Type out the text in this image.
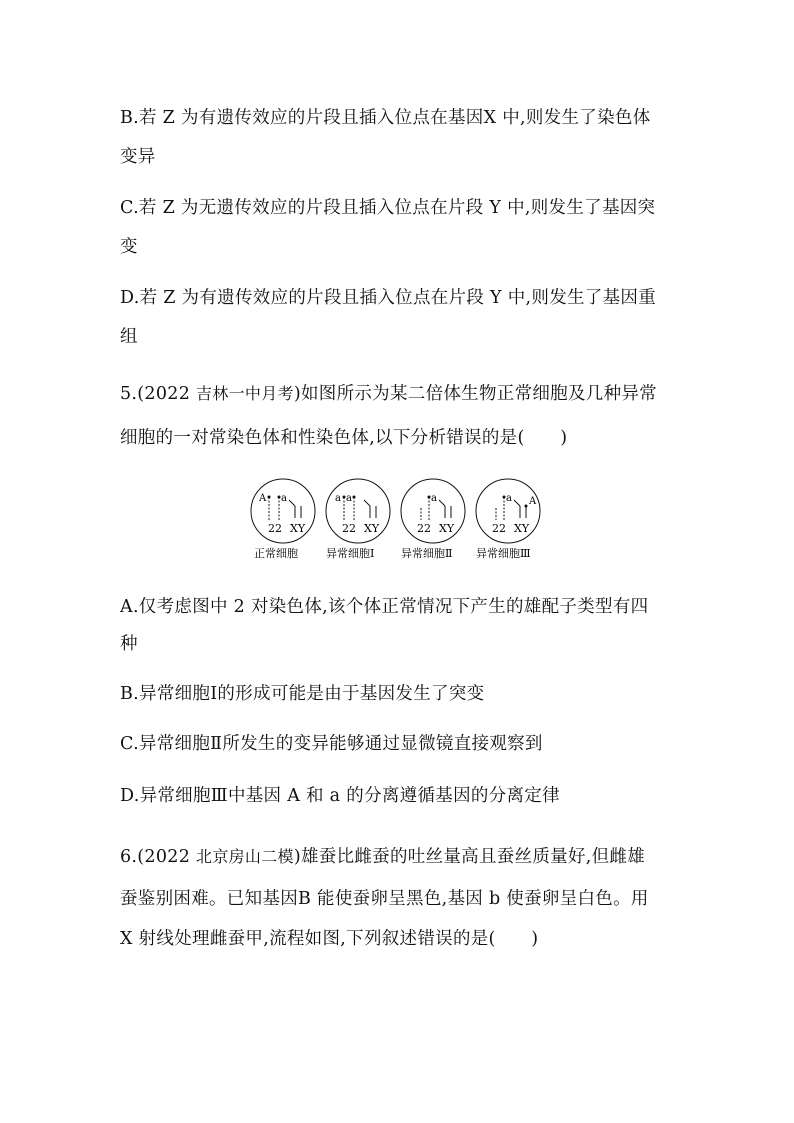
B.若 Z 为有遗传效应的片段且插入位点在基因X 中,则发生了染色体
变异
C.若 Z 为无遗传效应的片段且插入位点在片段 Y 中,则发生了基因突
变
D.若 Z 为有遗传效应的片段且插入位点在片段 Y 中,则发生了基因重
组
5.(2022 吉林一中月考)如图所示为某二倍体生物正常细胞及几种异常
细胞的一对常染色体和性染色体,以下分析错误的是(　　)
A a
22 XY
正常细胞
a a
22 XY
异常细胞Ⅰ
a
22 XY
异常细胞Ⅱ
a A
22 XY
异常细胞Ⅲ
A.仅考虑图中 2 对染色体,该个体正常情况下产生的雄配子类型有四
种
B.异常细胞Ⅰ的形成可能是由于基因发生了突变
C.异常细胞Ⅱ所发生的变异能够通过显微镜直接观察到
D.异常细胞Ⅲ中基因 A 和 a 的分离遵循基因的分离定律
6.(2022 北京房山二模)雄蚕比雌蚕的吐丝量高且蚕丝质量好,但雌雄
蚕鉴别困难。已知基因B 能使蚕卵呈黑色,基因 b 使蚕卵呈白色。用
X 射线处理雌蚕甲,流程如图,下列叙述错误的是(　　)
